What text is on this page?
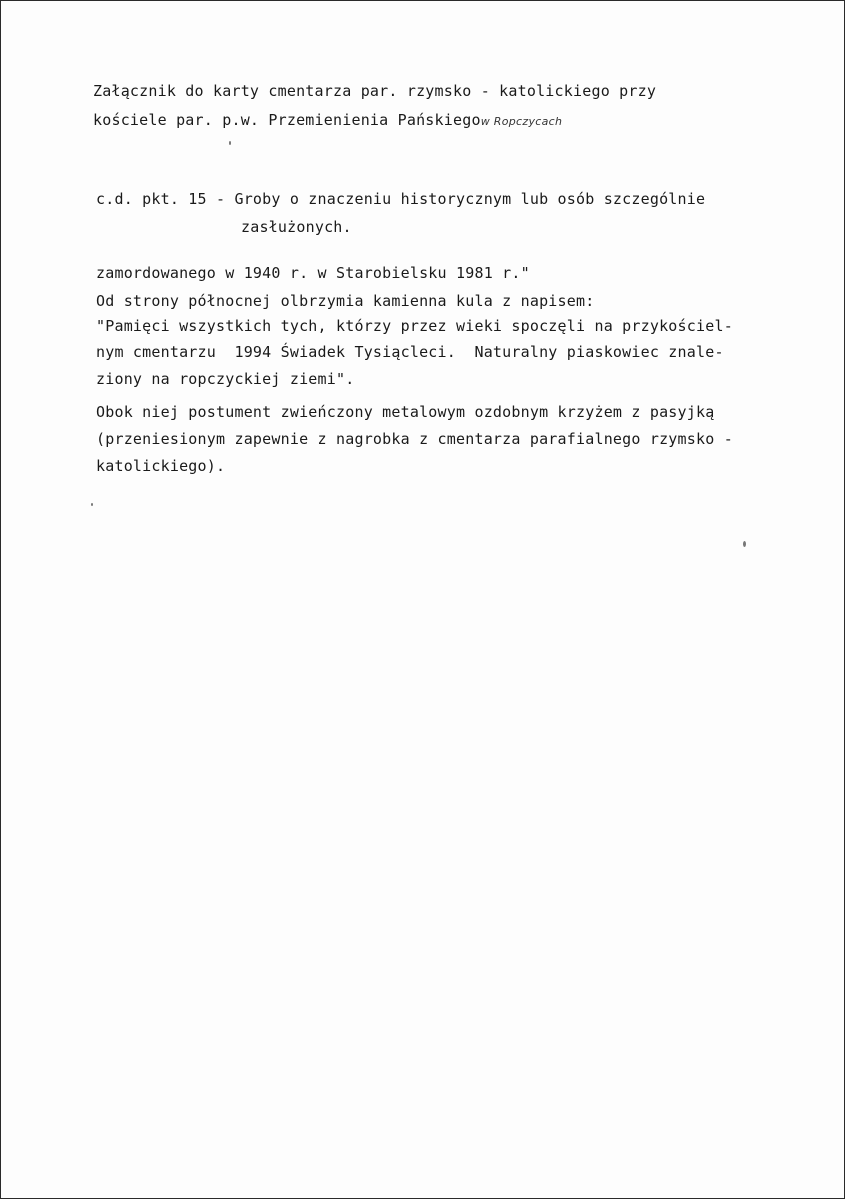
Załącznik do karty cmentarza par. rzymsko - katolickiego przy
kościele par. p.w. Przemienienia Pańskiegow Ropczycach
c.d. pkt. 15 - Groby o znaczeniu historycznym lub osób szczególnie
zasłużonych.
zamordowanego w 1940 r. w Starobielsku 1981 r."
Od strony północnej olbrzymia kamienna kula z napisem:
"Pamięci wszystkich tych, którzy przez wieki spoczęli na przykościel-
nym cmentarzu  1994 Świadek Tysiącleci.  Naturalny piaskowiec znale-
ziony na ropczyckiej ziemi".
Obok niej postument zwieńczony metalowym ozdobnym krzyżem z pasyjką
(przeniesionym zapewnie z nagrobka z cmentarza parafialnego rzymsko -
katolickiego).
